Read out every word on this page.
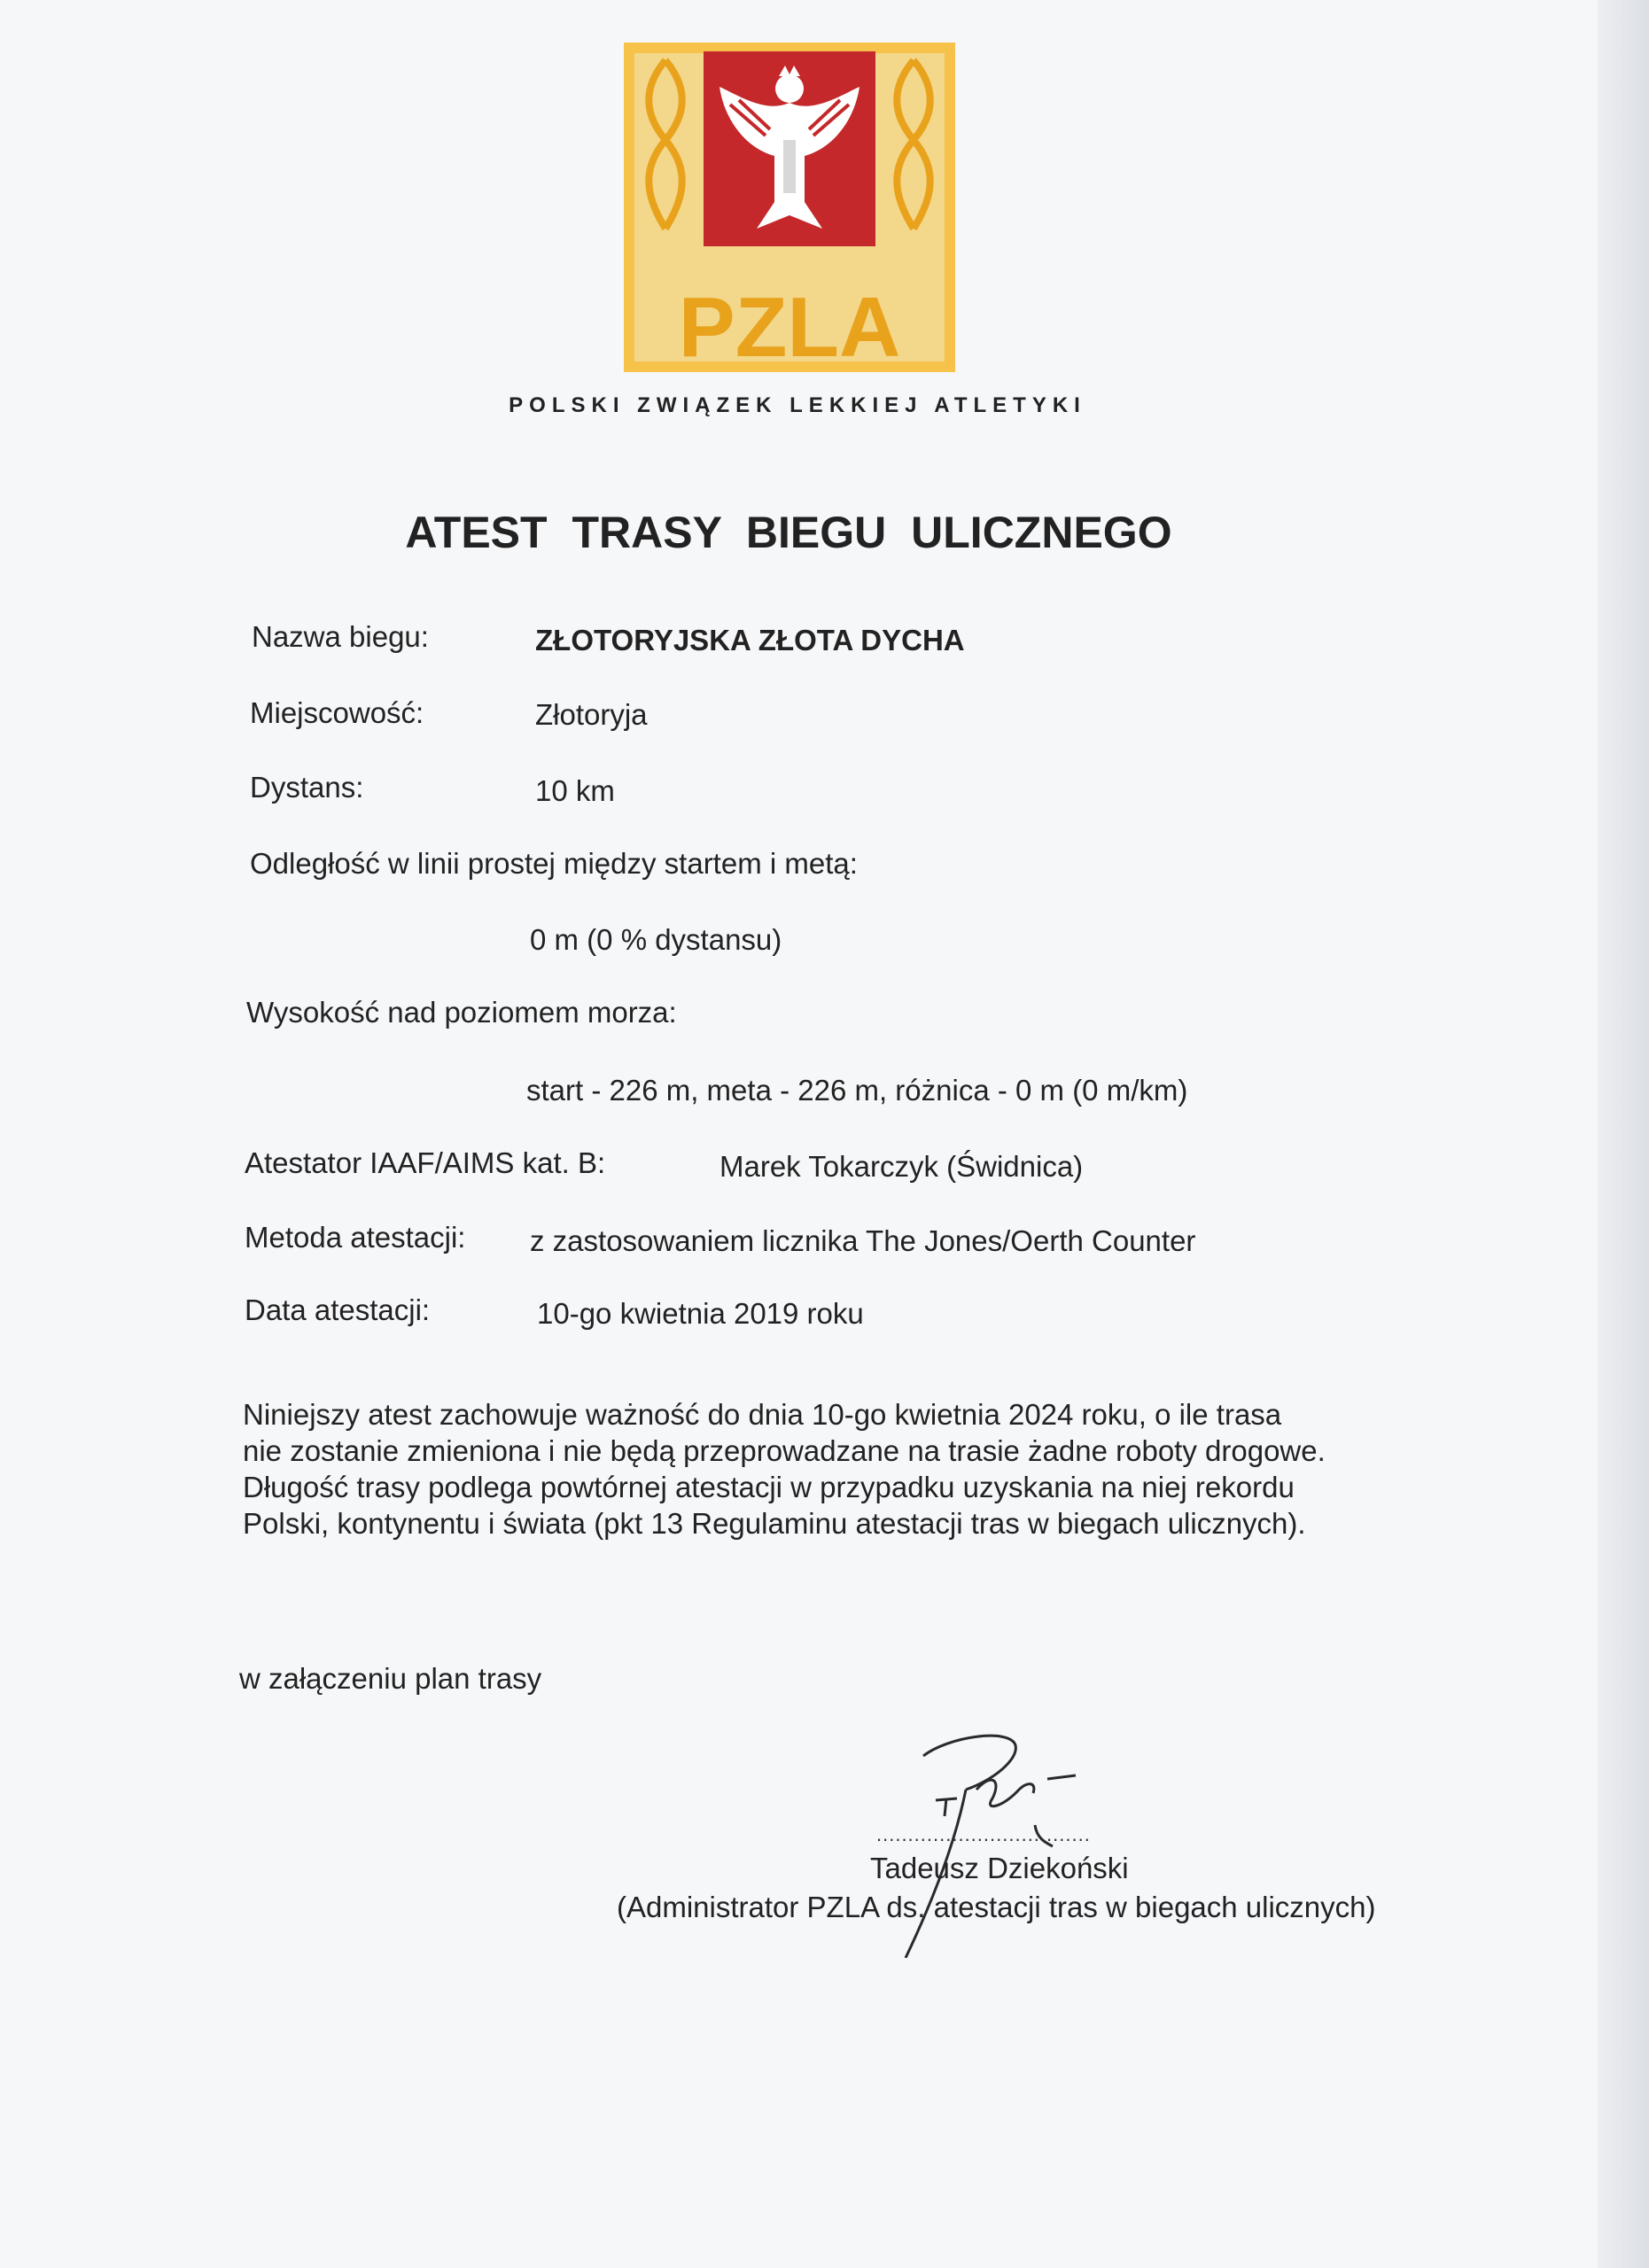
PZLA
POLSKI ZWIĄZEK LEKKIEJ ATLETYKI
ATEST TRASY BIEGU ULICZNEGO
Nazwa biegu:	ZŁOTORYJSKA ZŁOTA DYCHA
Miejscowość:	Złotoryja
Dystans:	10 km
Odległość w linii prostej między startem i metą:
0 m (0 % dystansu)
Wysokość nad poziomem morza:
start - 226 m, meta - 226 m, różnica - 0 m (0 m/km)
Atestator IAAF/AIMS kat. B:	Marek Tokarczyk (Świdnica)
Metoda atestacji: z zastosowaniem licznika The Jones/Oerth Counter
Data atestacji:	10-go kwietnia 2019 roku

Niniejszy atest zachowuje ważność do dnia 10-go kwietnia 2024 roku, o ile trasa

nie zostanie zmieniona i nie będą przeprowadzane na trasie żadne roboty drogowe.

Długość trasy podlega powtórnej atestacji w przypadku uzyskania na niej rekordu

Polski, kontynentu i świata (pkt 13 Regulaminu atestacji tras w biegach ulicznych).

w załączeniu plan trasy
..................................
Tadeusz Dziekoński
(Administrator PZLA ds. atestacji tras w biegach ulicznych)
